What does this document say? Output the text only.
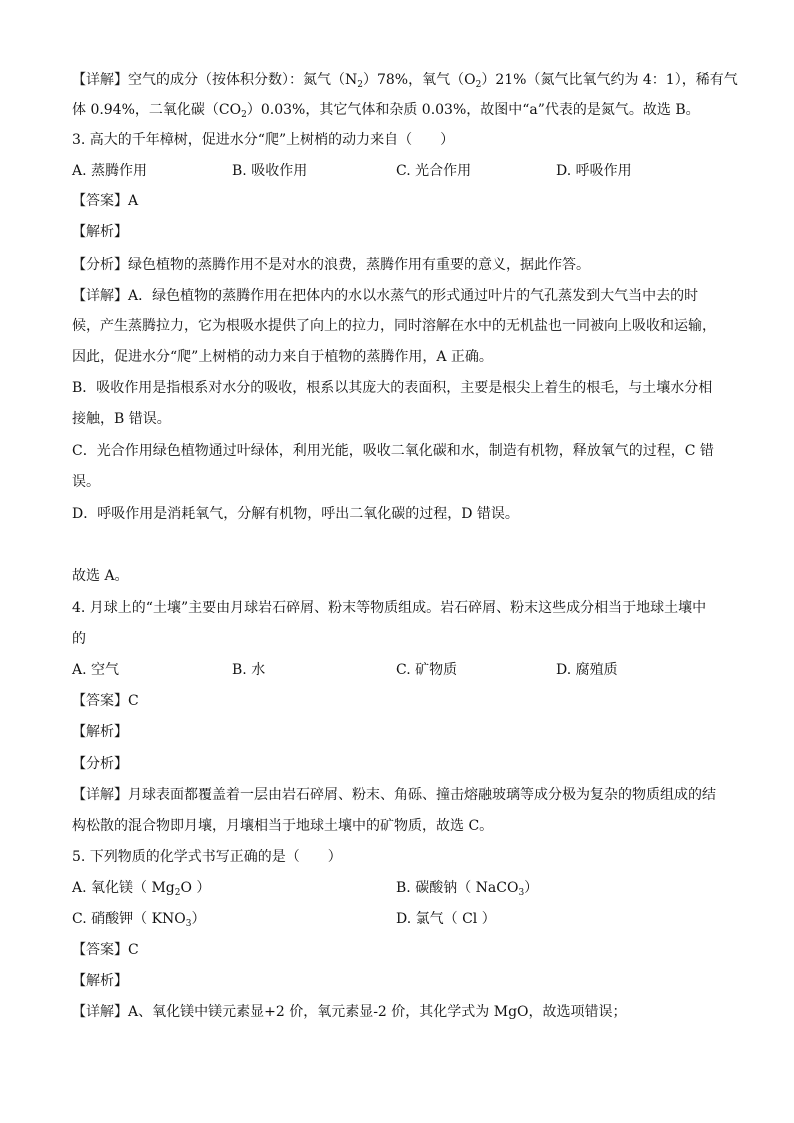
【详解】空气的成分（按体积分数）：氮气$(N_2)78\%$，氧气$(O_2)21\%$（氮气比氧气约为 4：1），稀有气
体 0.94%，二氧化碳$(CO_2)0.03\%$，其它气体和杂质 0.03%，故图中“a”代表的是氮气。故选 B。
3. 高大的千年樟树，促进水分“爬”上树梢的动力来自（　　）
A. 蒸腾作用	B. 吸收作用	C. 光合作用	D. 呼吸作用
【答案】A
【解析】
【分析】绿色植物的蒸腾作用不是对水的浪费，蒸腾作用有重要的意义，据此作答。
【详解】A．绿色植物的蒸腾作用在把体内的水以水蒸气的形式通过叶片的气孔蒸发到大气当中去的时
候，产生蒸腾拉力，它为根吸水提供了向上的拉力，同时溶解在水中的无机盐也一同被向上吸收和运输，
因此，促进水分“爬”上树梢的动力来自于植物的蒸腾作用，A 正确。
B．吸收作用是指根系对水分的吸收，根系以其庞大的表面积，主要是根尖上着生的根毛，与土壤水分相
接触，B 错误。
C．光合作用绿色植物通过叶绿体，利用光能，吸收二氧化碳和水，制造有机物，释放氧气的过程，C 错
误。
D．呼吸作用是消耗氧气，分解有机物，呼出二氧化碳的过程，D 错误。
故选 A。
4. 月球上的“土壤”主要由月球岩石碎屑、粉末等物质组成。岩石碎屑、粉末这些成分相当于地球土壤中
的
A. 空气	B. 水	C. 矿物质	D. 腐殖质
【答案】C
【解析】
【分析】
【详解】月球表面都覆盖着一层由岩石碎屑、粉末、角砾、撞击熔融玻璃等成分极为复杂的物质组成的结
构松散的混合物即月壤，月壤相当于地球土壤中的矿物质，故选 C。
5. 下列物质的化学式书写正确的是（　　）
A. 氧化镁（ $Mg_2O$ ）	B. 碳酸钠（ NaCO$_3$）
C. 硝酸钾（ $KNO_3$）	D. 氯气（ Cl ）
【答案】C
【解析】
【详解】A、氧化镁中镁元素显+2 价，氧元素显-2 价，其化学式为 MgO，故选项错误；
